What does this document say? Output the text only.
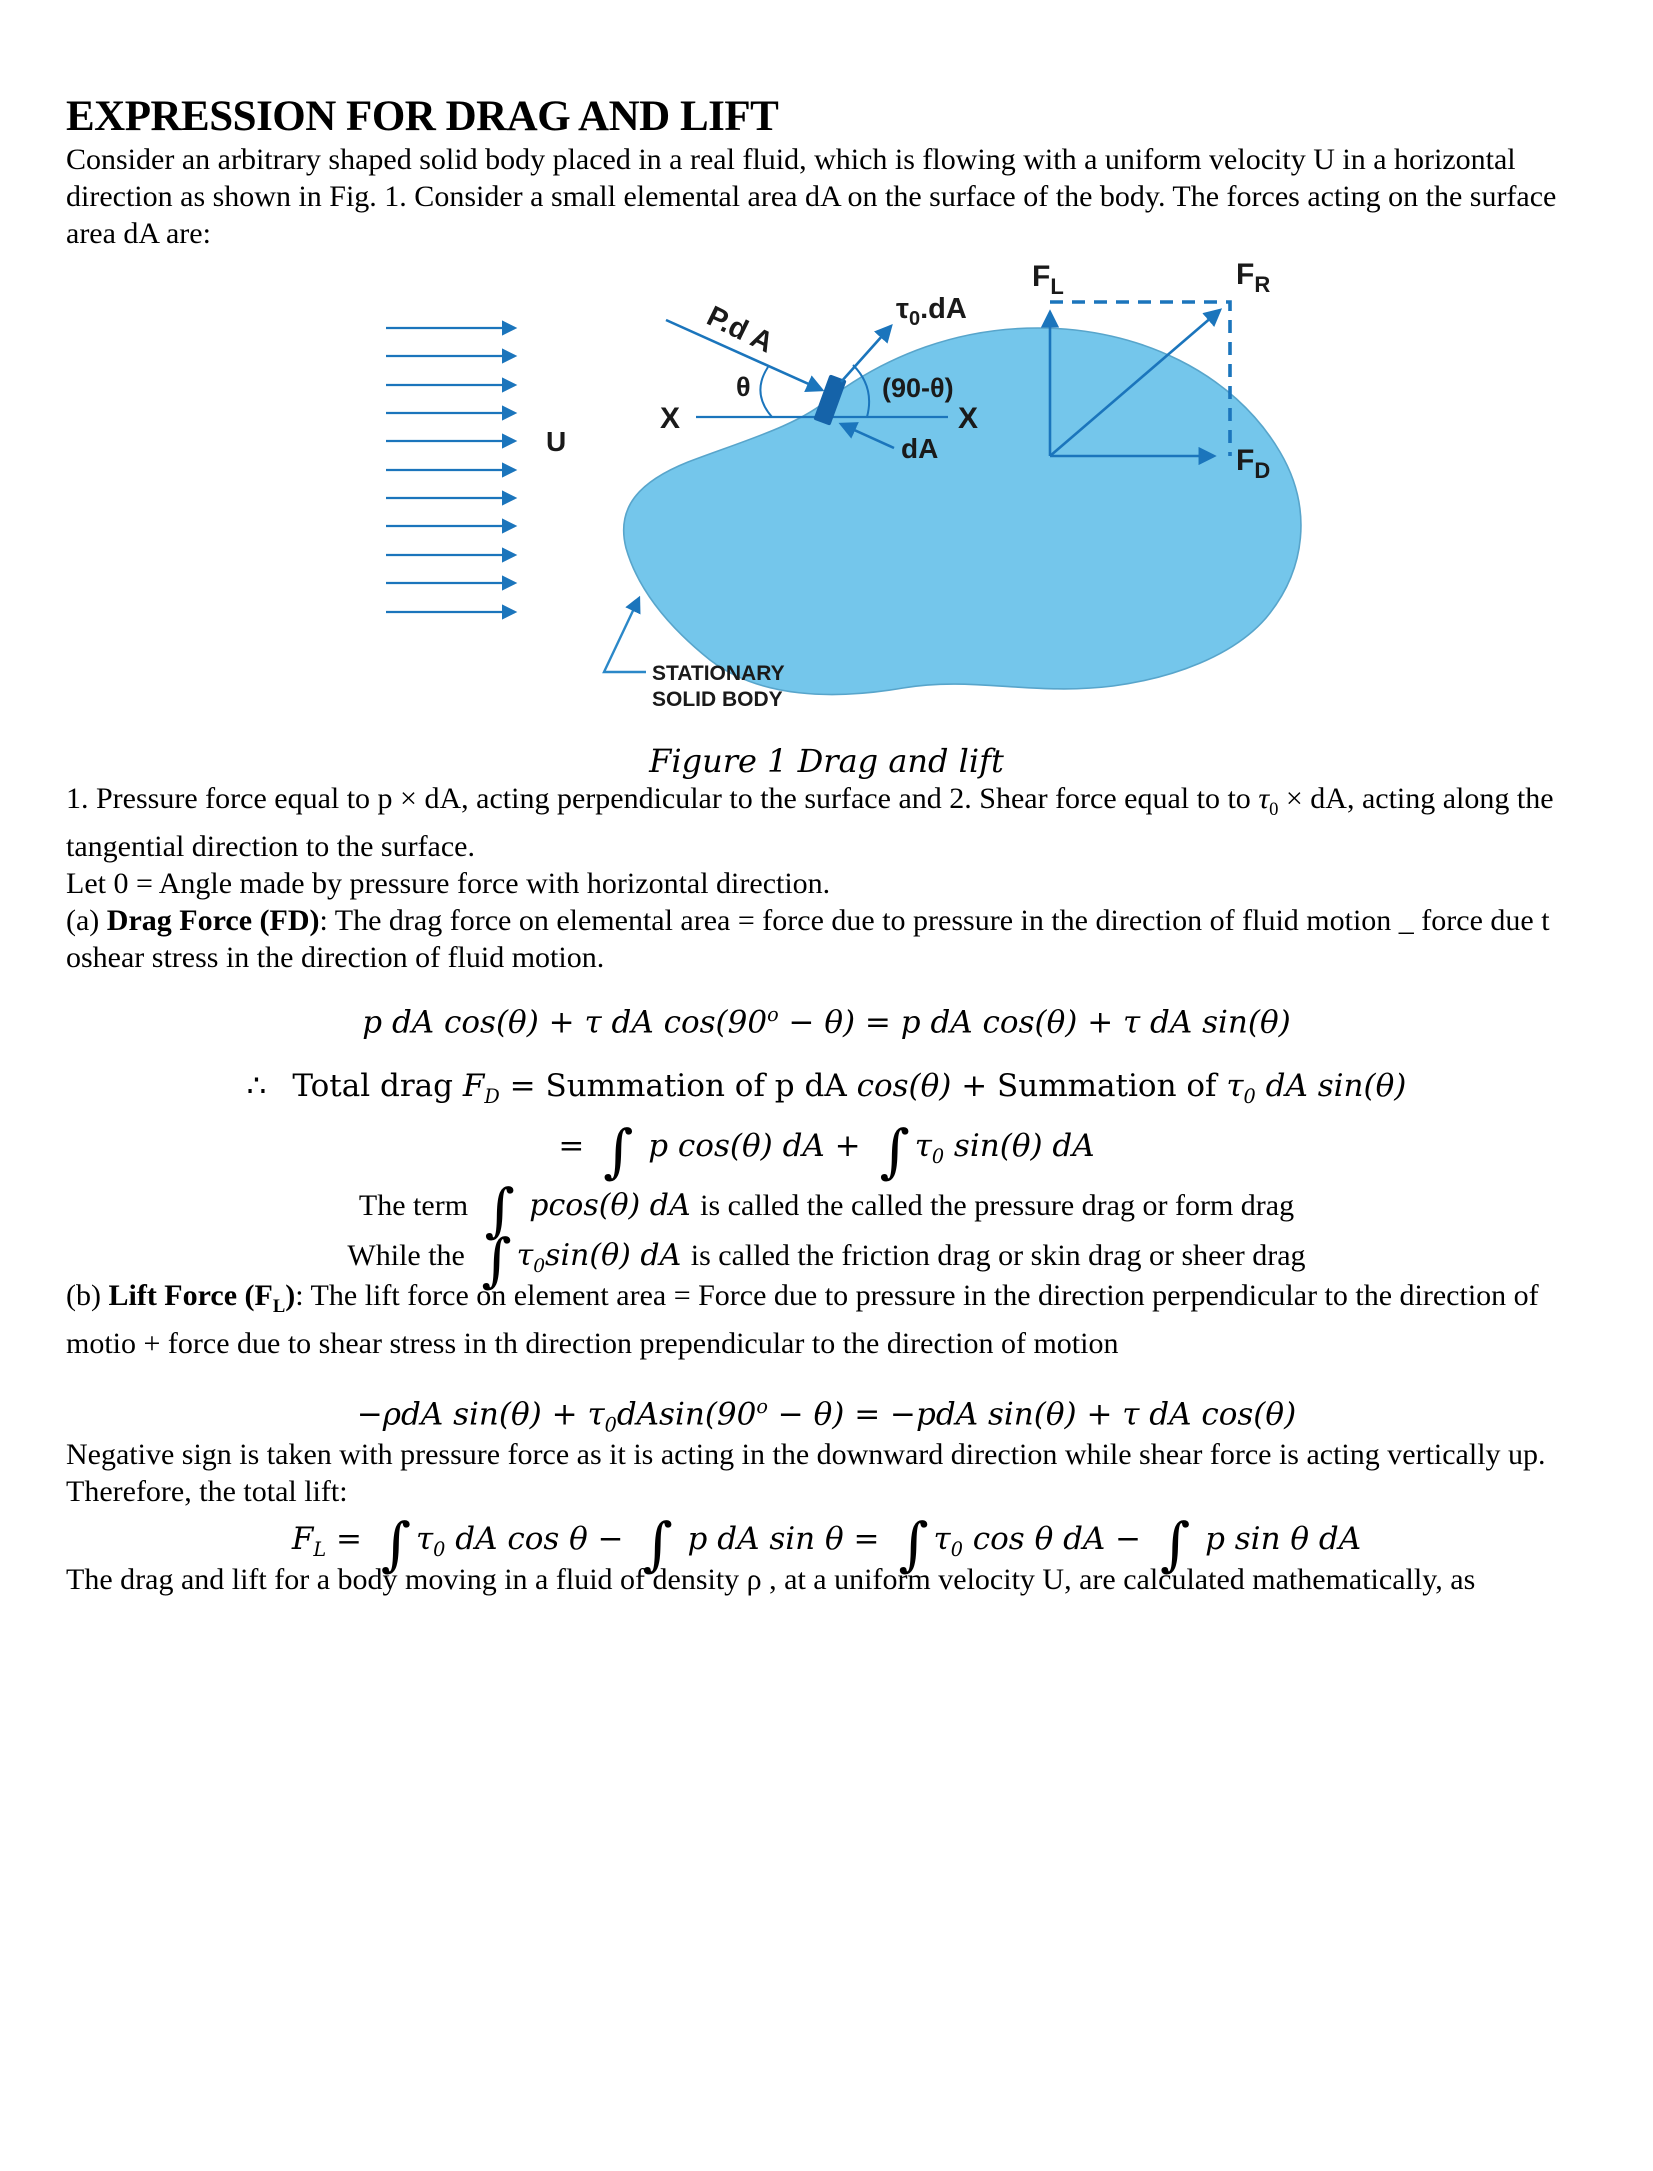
EXPRESSION FOR DRAG AND LIFT

Consider an arbitrary shaped solid body placed in a real fluid, which is flowing with a uniform velocity U in a horizontal direction as shown in Fig. 1. Consider a small elemental area dA on the surface of the body. The forces acting on the surface area dA are:

U
X	X
P.d A
θ
$\tau_0.dA$
(90-θ)
dA
$F_L$	$F_R$
$F_D$
STATIONARY
SOLID BODY
Figure 1 Drag and lift

1. Pressure force equal to p × dA, acting perpendicular to the surface and 2. Shear force equal to to $\tau_0$ × dA, acting along the tangential direction to the surface.
Let 0 = Angle made by pressure force with horizontal direction.
(a) Drag Force (FD): The drag force on elemental area = force due to pressure in the direction of fluid motion _ force due t oshear stress in the direction of fluid motion.

p dA cos(θ) + τ dA $\cos(90^o - \theta) = p$ dA cos(θ) + τ dA sin(θ)

∴ Total drag $F_D$ = Summation of p dA cos(θ) + Summation of $\tau_0$ dA sin(θ)

= ∫ p cos(θ) dA + ∫ $\tau_0$ sin(θ) dA

The term ∫ pcos(θ) dA is called the called the pressure drag or form drag

While the ∫ $\tau_0\sin(\theta)$ dA is called the friction drag or skin drag or sheer drag

(b) Lift Force $(F_L)$: The lift force on element area = Force due to pressure in the direction perpendicular to the direction of motio + force due to shear stress in th direction prependicular to the direction of motion

−ρdA $\sin(\theta) + \tau_0dAsin(90^o - \theta) = -pdA$ sin(θ) + τ dA cos(θ)

Negative sign is taken with pressure force as it is acting in the downward direction while shear force is acting vertically up.

Therefore, the total lift:

$F_L$ = ∫ $\tau_0$ dA cos θ − ∫ p dA sin θ = ∫ $\tau_0$ cos θ dA − ∫ p sin θ dA

The drag and lift for a body moving in a fluid of density ρ , at a uniform velocity U, are calculated mathematically, as
